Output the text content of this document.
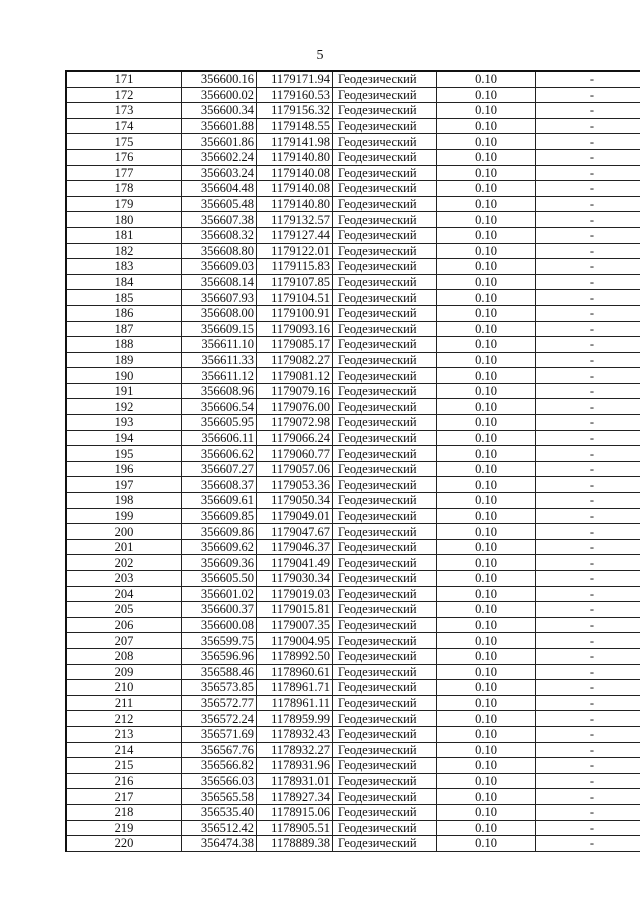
5
171	356600.16	1179171.94	Геодезический	0.10	-
172	356600.02	1179160.53	Геодезический	0.10	-
173	356600.34	1179156.32	Геодезический	0.10	-
174	356601.88	1179148.55	Геодезический	0.10	-
175	356601.86	1179141.98	Геодезический	0.10	-
176	356602.24	1179140.80	Геодезический	0.10	-
177	356603.24	1179140.08	Геодезический	0.10	-
178	356604.48	1179140.08	Геодезический	0.10	-
179	356605.48	1179140.80	Геодезический	0.10	-
180	356607.38	1179132.57	Геодезический	0.10	-
181	356608.32	1179127.44	Геодезический	0.10	-
182	356608.80	1179122.01	Геодезический	0.10	-
183	356609.03	1179115.83	Геодезический	0.10	-
184	356608.14	1179107.85	Геодезический	0.10	-
185	356607.93	1179104.51	Геодезический	0.10	-
186	356608.00	1179100.91	Геодезический	0.10	-
187	356609.15	1179093.16	Геодезический	0.10	-
188	356611.10	1179085.17	Геодезический	0.10	-
189	356611.33	1179082.27	Геодезический	0.10	-
190	356611.12	1179081.12	Геодезический	0.10	-
191	356608.96	1179079.16	Геодезический	0.10	-
192	356606.54	1179076.00	Геодезический	0.10	-
193	356605.95	1179072.98	Геодезический	0.10	-
194	356606.11	1179066.24	Геодезический	0.10	-
195	356606.62	1179060.77	Геодезический	0.10	-
196	356607.27	1179057.06	Геодезический	0.10	-
197	356608.37	1179053.36	Геодезический	0.10	-
198	356609.61	1179050.34	Геодезический	0.10	-
199	356609.85	1179049.01	Геодезический	0.10	-
200	356609.86	1179047.67	Геодезический	0.10	-
201	356609.62	1179046.37	Геодезический	0.10	-
202	356609.36	1179041.49	Геодезический	0.10	-
203	356605.50	1179030.34	Геодезический	0.10	-
204	356601.02	1179019.03	Геодезический	0.10	-
205	356600.37	1179015.81	Геодезический	0.10	-
206	356600.08	1179007.35	Геодезический	0.10	-
207	356599.75	1179004.95	Геодезический	0.10	-
208	356596.96	1178992.50	Геодезический	0.10	-
209	356588.46	1178960.61	Геодезический	0.10	-
210	356573.85	1178961.71	Геодезический	0.10	-
211	356572.77	1178961.11	Геодезический	0.10	-
212	356572.24	1178959.99	Геодезический	0.10	-
213	356571.69	1178932.43	Геодезический	0.10	-
214	356567.76	1178932.27	Геодезический	0.10	-
215	356566.82	1178931.96	Геодезический	0.10	-
216	356566.03	1178931.01	Геодезический	0.10	-
217	356565.58	1178927.34	Геодезический	0.10	-
218	356535.40	1178915.06	Геодезический	0.10	-
219	356512.42	1178905.51	Геодезический	0.10	-
220	356474.38	1178889.38	Геодезический	0.10	-
